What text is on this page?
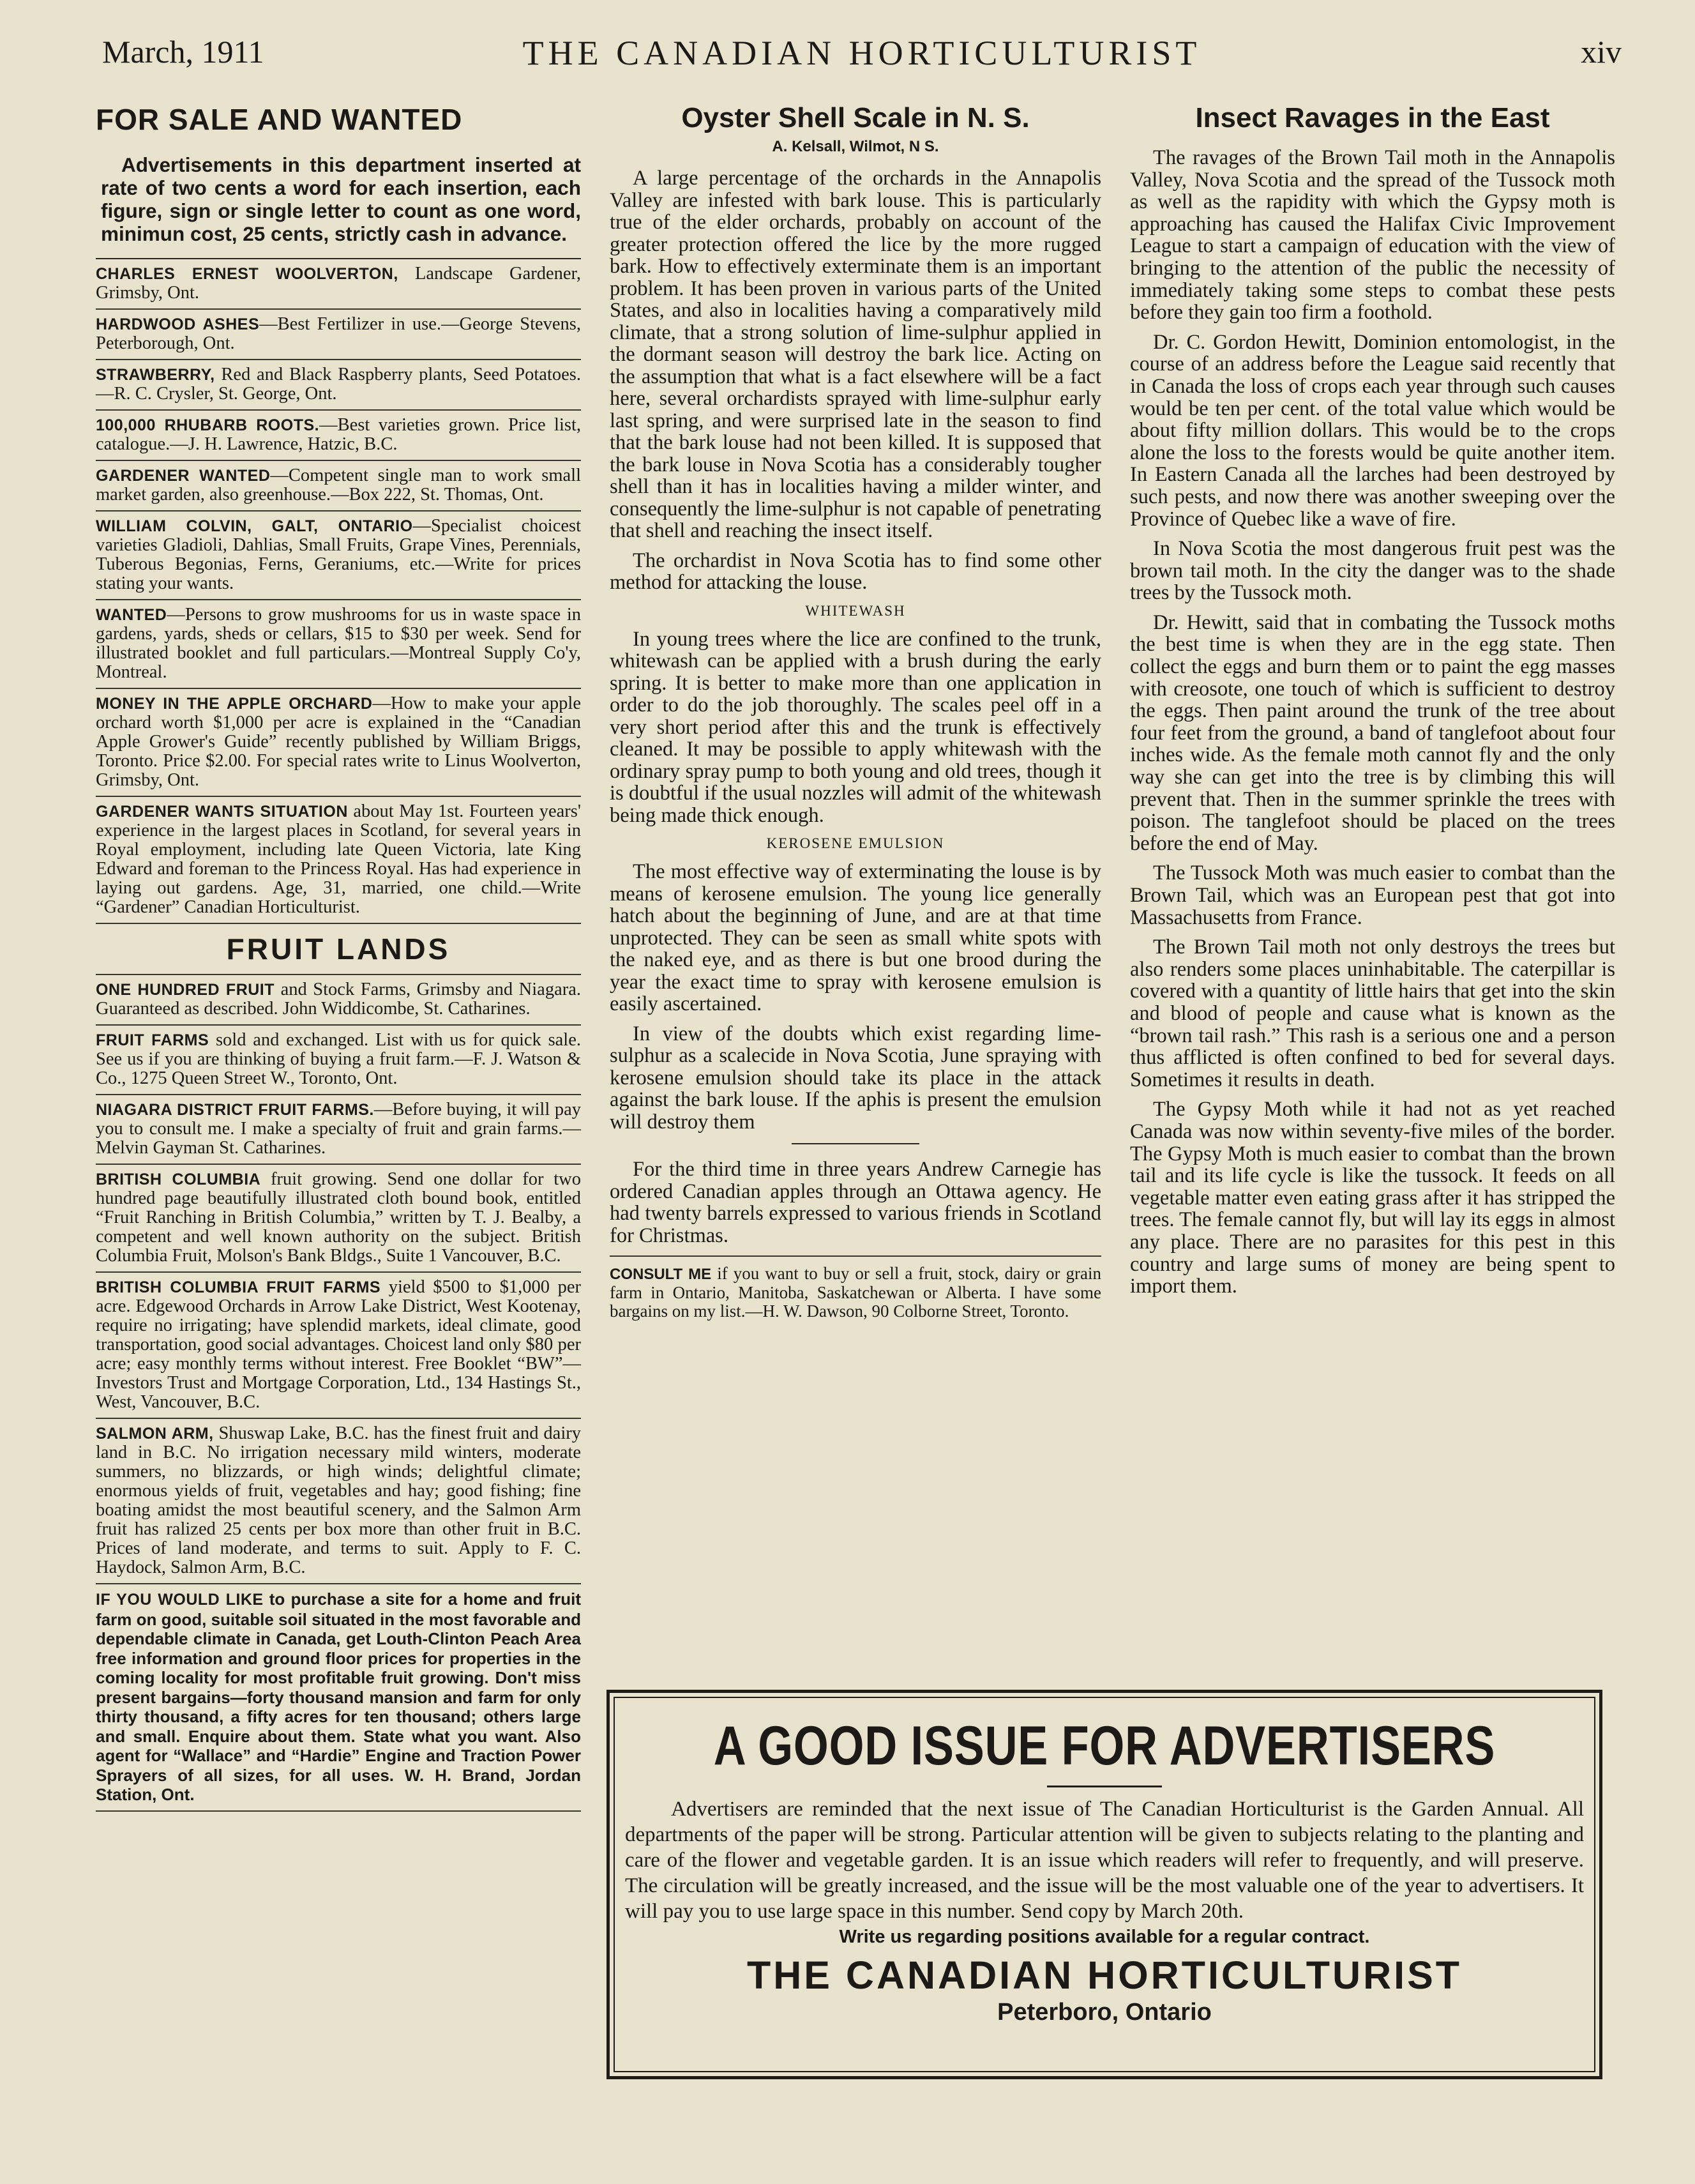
March, 1911	THE CANADIAN HORTICULTURIST	xiv
FOR SALE AND WANTED
Advertisements in this department inserted at rate of two cents a word for each insertion, each figure, sign or single letter to count as one word, minimun cost, 25 cents, strictly cash in advance.
CHARLES ERNEST WOOLVERTON, Landscape Gardener, Grimsby, Ont.
HARDWOOD ASHES—Best Fertilizer in use.—George Stevens, Peterborough, Ont.
STRAWBERRY, Red and Black Raspberry plants, Seed Potatoes.—R. C. Crysler, St. George, Ont.
100,000 RHUBARB ROOTS.—Best varieties grown. Price list, catalogue.—J. H. Lawrence, Hatzic, B.C.
GARDENER WANTED—Competent single man to work small market garden, also greenhouse.—Box 222, St. Thomas, Ont.
WILLIAM COLVIN, GALT, ONTARIO—Specialist choicest varieties Gladioli, Dahlias, Small Fruits, Grape Vines, Perennials, Tuberous Begonias, Ferns, Geraniums, etc.—Write for prices stating your wants.
WANTED—Persons to grow mushrooms for us in waste space in gardens, yards, sheds or cellars, $15 to $30 per week. Send for illustrated booklet and full particulars.—Montreal Supply Co'y, Montreal.
MONEY IN THE APPLE ORCHARD—How to make your apple orchard worth $1,000 per acre is explained in the “Canadian Apple Grower's Guide” recently published by William Briggs, Toronto. Price $2.00. For special rates write to Linus Woolverton, Grimsby, Ont.
GARDENER WANTS SITUATION about May 1st. Fourteen years' experience in the largest places in Scotland, for several years in Royal employment, including late Queen Victoria, late King Edward and foreman to the Princess Royal. Has had experience in laying out gardens. Age, 31, married, one child.—Write “Gardener” Canadian Horticulturist.
FRUIT LANDS
ONE HUNDRED FRUIT and Stock Farms, Grimsby and Niagara. Guaranteed as described. John Widdicombe, St. Catharines.
FRUIT FARMS sold and exchanged. List with us for quick sale. See us if you are thinking of buying a fruit farm.—F. J. Watson & Co., 1275 Queen Street W., Toronto, Ont.
NIAGARA DISTRICT FRUIT FARMS.—Before buying, it will pay you to consult me. I make a specialty of fruit and grain farms.—Melvin Gayman St. Catharines.
BRITISH COLUMBIA fruit growing. Send one dollar for two hundred page beautifully illustrated cloth bound book, entitled “Fruit Ranching in British Columbia,” written by T. J. Bealby, a competent and well known authority on the subject. British Columbia Fruit, Molson's Bank Bldgs., Suite 1 Vancouver, B.C.
BRITISH COLUMBIA FRUIT FARMS yield $500 to $1,000 per acre. Edgewood Orchards in Arrow Lake District, West Kootenay, require no irrigating; have splendid markets, ideal climate, good transportation, good social advantages. Choicest land only $80 per acre; easy monthly terms without interest. Free Booklet “BW”—Investors Trust and Mortgage Corporation, Ltd., 134 Hastings St., West, Vancouver, B.C.
SALMON ARM, Shuswap Lake, B.C. has the finest fruit and dairy land in B.C. No irrigation necessary mild winters, moderate summers, no blizzards, or high winds; delightful climate; enormous yields of fruit, vegetables and hay; good fishing; fine boating amidst the most beautiful scenery, and the Salmon Arm fruit has ralized 25 cents per box more than other fruit in B.C. Prices of land moderate, and terms to suit. Apply to F. C. Haydock, Salmon Arm, B.C.
IF YOU WOULD LIKE to purchase a site for a home and fruit farm on good, suitable soil situated in the most favorable and dependable climate in Canada, get Louth-Clinton Peach Area free information and ground floor prices for properties in the coming locality for most profitable fruit growing. Don't miss present bargains—forty thousand mansion and farm for only thirty thousand, a fifty acres for ten thousand; others large and small. Enquire about them. State what you want. Also agent for “Wallace” and “Hardie” Engine and Traction Power Sprayers of all sizes, for all uses. W. H. Brand, Jordan Station, Ont.
Oyster Shell Scale in N. S.
A. Kelsall, Wilmot, N S.

A large percentage of the orchards in the Annapolis Valley are infested with bark louse. This is particularly true of the elder orchards, probably on account of the greater protection offered the lice by the more rugged bark. How to effectively exterminate them is an important problem. It has been proven in various parts of the United States, and also in localities having a comparatively mild climate, that a strong solution of lime-sulphur applied in the dormant season will destroy the bark lice. Acting on the assumption that what is a fact elsewhere will be a fact here, several orchardists sprayed with lime-sulphur early last spring, and were surprised late in the season to find that the bark louse had not been killed. It is supposed that the bark louse in Nova Scotia has a considerably tougher shell than it has in localities having a milder winter, and consequently the lime-sulphur is not capable of penetrating that shell and reaching the insect itself.

The orchardist in Nova Scotia has to find some other method for attacking the louse.

WHITEWASH

In young trees where the lice are confined to the trunk, whitewash can be applied with a brush during the early spring. It is better to make more than one application in order to do the job thoroughly. The scales peel off in a very short period after this and the trunk is effectively cleaned. It may be possible to apply whitewash with the ordinary spray pump to both young and old trees, though it is doubtful if the usual nozzles will admit of the whitewash being made thick enough.

KEROSENE EMULSION

The most effective way of exterminating the louse is by means of kerosene emulsion. The young lice generally hatch about the beginning of June, and are at that time unprotected. They can be seen as small white spots with the naked eye, and as there is but one brood during the year the exact time to spray with kerosene emulsion is easily ascertained.

In view of the doubts which exist regarding lime-sulphur as a scalecide in Nova Scotia, June spraying with kerosene emulsion should take its place in the attack against the bark louse. If the aphis is present the emulsion will destroy them

For the third time in three years Andrew Carnegie has ordered Canadian apples through an Ottawa agency. He had twenty barrels expressed to various friends in Scotland for Christmas.

CONSULT ME if you want to buy or sell a fruit, stock, dairy or grain farm in Ontario, Manitoba, Saskatchewan or Alberta. I have some bargains on my list.—H. W. Dawson, 90 Colborne Street, Toronto.
Insect Ravages in the East

The ravages of the Brown Tail moth in the Annapolis Valley, Nova Scotia and the spread of the Tussock moth as well as the rapidity with which the Gypsy moth is approaching has caused the Halifax Civic Improvement League to start a campaign of education with the view of bringing to the attention of the public the necessity of immediately taking some steps to combat these pests before they gain too firm a foothold.

Dr. C. Gordon Hewitt, Dominion entomologist, in the course of an address before the League said recently that in Canada the loss of crops each year through such causes would be ten per cent. of the total value which would be about fifty million dollars. This would be to the crops alone the loss to the forests would be quite another item. In Eastern Canada all the larches had been destroyed by such pests, and now there was another sweeping over the Province of Quebec like a wave of fire.

In Nova Scotia the most dangerous fruit pest was the brown tail moth. In the city the danger was to the shade trees by the Tussock moth.

Dr. Hewitt, said that in combating the Tussock moths the best time is when they are in the egg state. Then collect the eggs and burn them or to paint the egg masses with creosote, one touch of which is sufficient to destroy the eggs. Then paint around the trunk of the tree about four feet from the ground, a band of tanglefoot about four inches wide. As the female moth cannot fly and the only way she can get into the tree is by climbing this will prevent that. Then in the summer sprinkle the trees with poison. The tanglefoot should be placed on the trees before the end of May.

The Tussock Moth was much easier to combat than the Brown Tail, which was an European pest that got into Massachusetts from France.

The Brown Tail moth not only destroys the trees but also renders some places uninhabitable. The caterpillar is covered with a quantity of little hairs that get into the skin and blood of people and cause what is known as the “brown tail rash.” This rash is a serious one and a person thus afflicted is often confined to bed for several days. Sometimes it results in death.

The Gypsy Moth while it had not as yet reached Canada was now within seventy-five miles of the border. The Gypsy Moth is much easier to combat than the brown tail and its life cycle is like the tussock. It feeds on all vegetable matter even eating grass after it has stripped the trees. The female cannot fly, but will lay its eggs in almost any place. There are no parasites for this pest in this country and large sums of money are being spent to import them.

A GOOD ISSUE FOR ADVERTISERS
Advertisers are reminded that the next issue of The Canadian Horticulturist is the Garden Annual. All departments of the paper will be strong. Particular attention will be given to subjects relating to the planting and care of the flower and vegetable garden. It is an issue which readers will refer to frequently, and will preserve. The circulation will be greatly increased, and the issue will be the most valuable one of the year to advertisers. It will pay you to use large space in this number. Send copy by March 20th.
Write us regarding positions available for a regular contract.
THE CANADIAN HORTICULTURIST
Peterboro, Ontario
